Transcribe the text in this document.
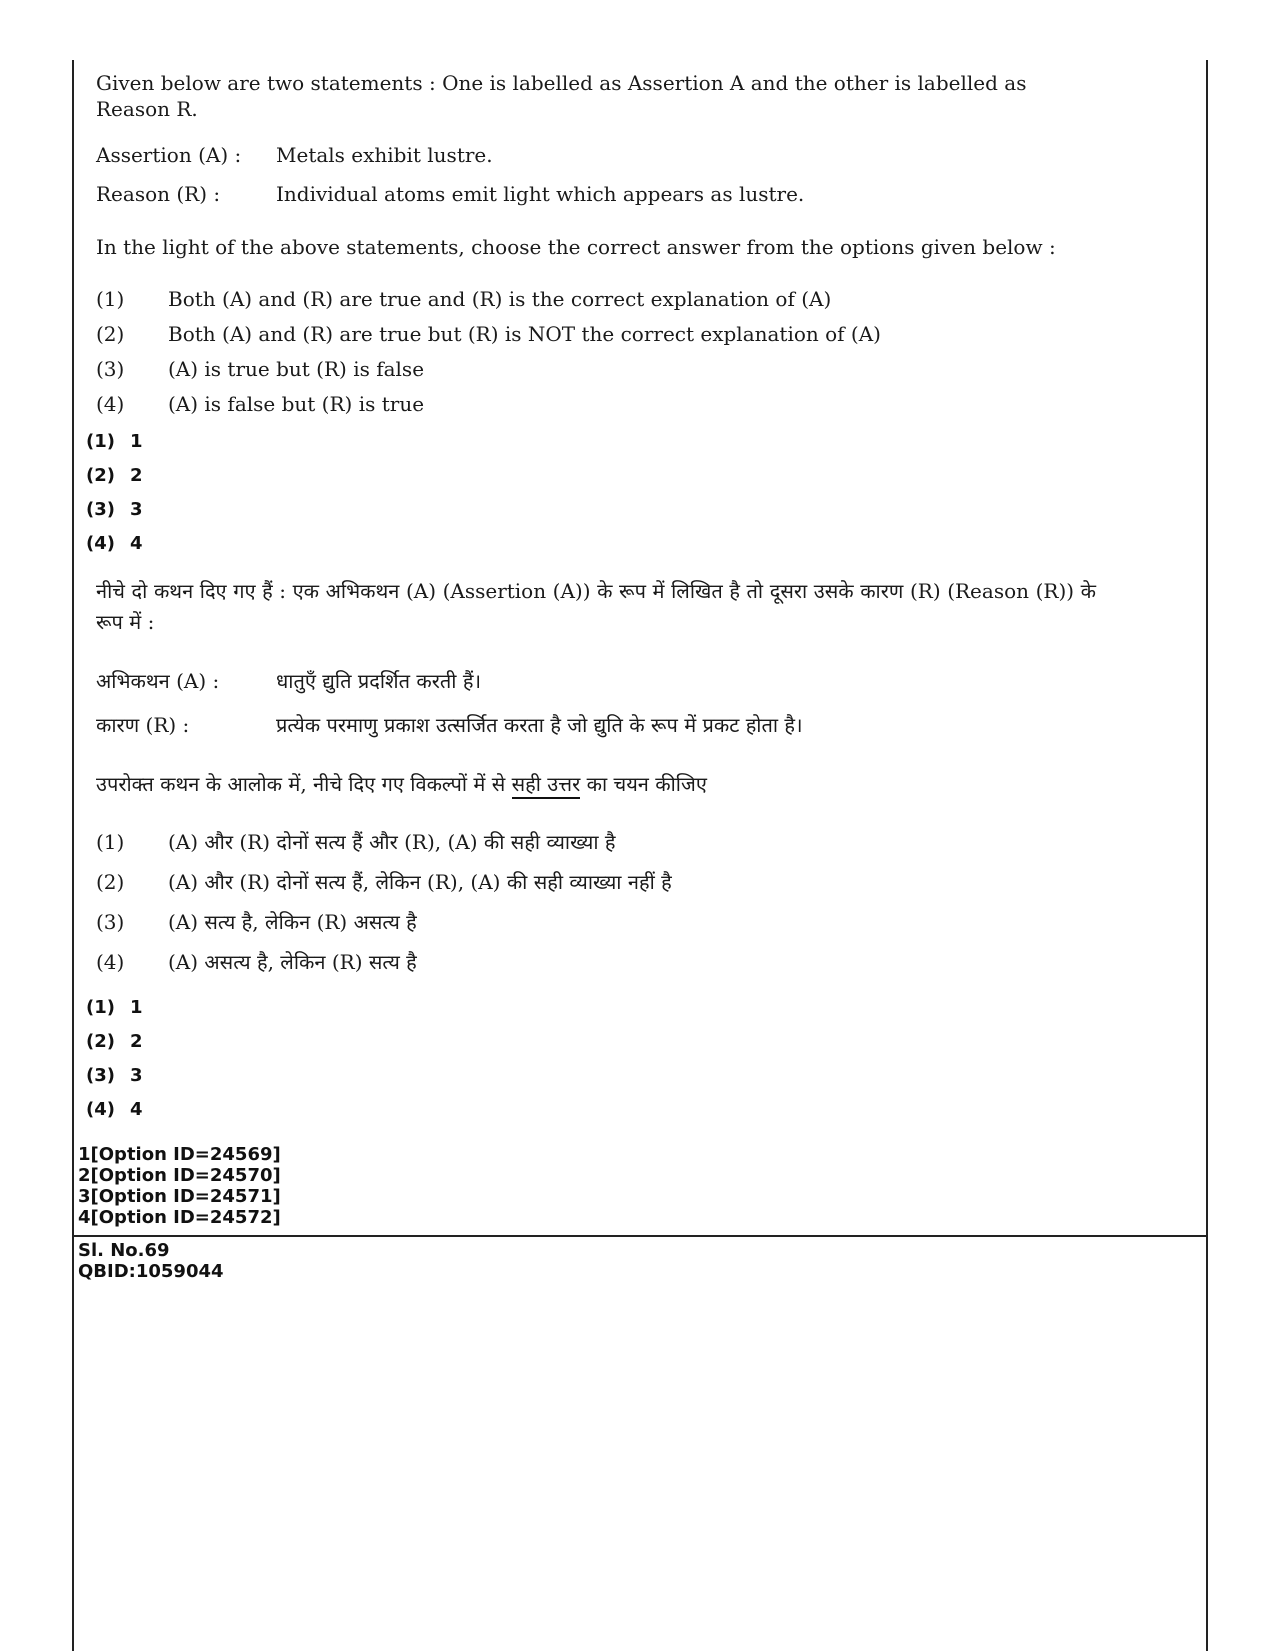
Given below are two statements : One is labelled as Assertion A and the other is labelled as Reason R.

Assertion (A) : Metals exhibit lustre.
Reason (R) :	Individual atoms emit light which appears as lustre.
In the light of the above statements, choose the correct answer from the options given below :
(1) Both (A) and (R) are true and (R) is the correct explanation of (A)
(2) Both (A) and (R) are true but (R) is NOT the correct explanation of (A)
(3) (A) is true but (R) is false
(4) (A) is false but (R) is true
(1) 1
(2) 2
(3) 3
(4) 4

नीचे दो कथन दिए गए हैं : एक अभिकथन (A) (Assertion (A)) के रूप में लिखित है तो दूसरा उसके कारण (R) (Reason (R)) के रूप में :

अभिकथन (A) :	धातुएँ द्युति प्रदर्शित करती हैं।
कारण (R) :	प्रत्येक परमाणु प्रकाश उत्सर्जित करता है जो द्युति के रूप में प्रकट होता है।
उपरोक्त कथन के आलोक में, नीचे दिए गए विकल्पों में से सही उत्तर का चयन कीजिए
(1) (A) और (R) दोनों सत्य हैं और (R), (A) की सही व्याख्या है
(2) (A) और (R) दोनों सत्य हैं, लेकिन (R), (A) की सही व्याख्या नहीं है
(3) (A) सत्य है, लेकिन (R) असत्य है
(4) (A) असत्य है, लेकिन (R) सत्य है
(1) 1
(2) 2
(3) 3
(4) 4
1[Option ID=24569]
2[Option ID=24570]
3[Option ID=24571]
4[Option ID=24572]
Sl. No.69
QBID:1059044
